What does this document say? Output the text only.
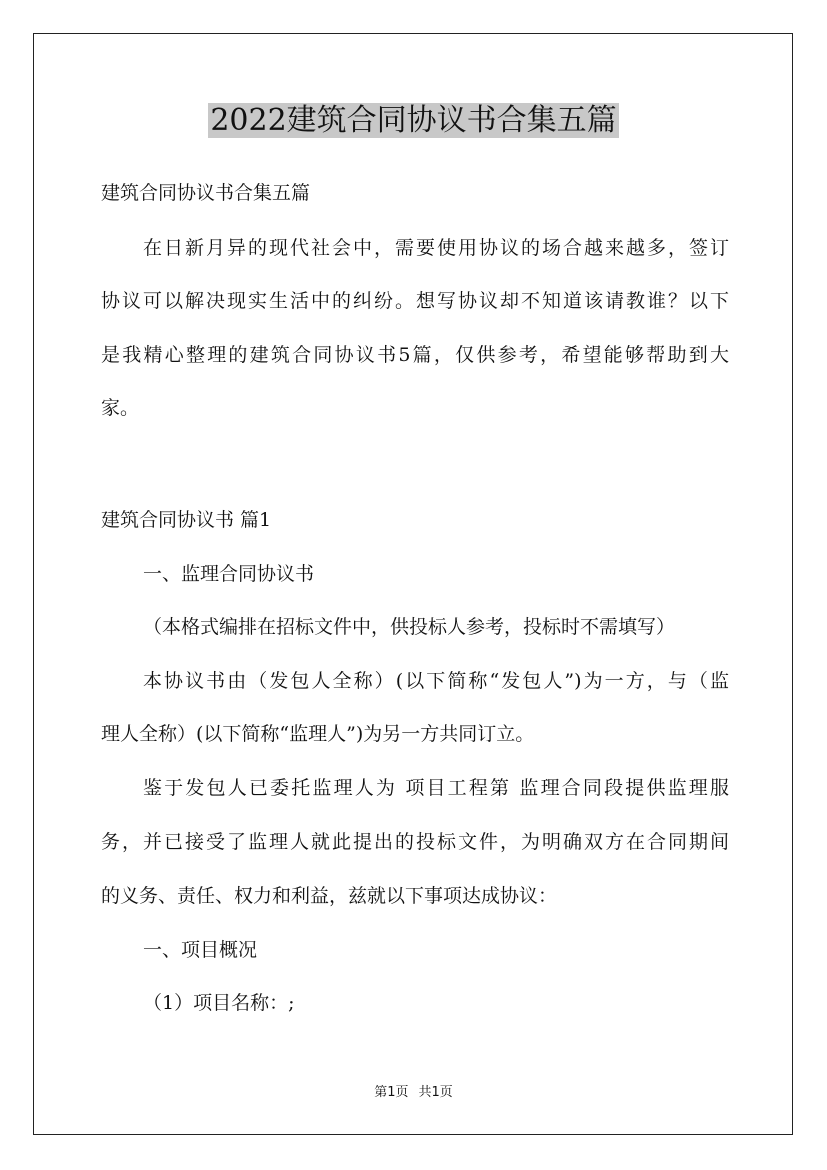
2022建筑合同协议书合集五篇

建筑合同协议书合集五篇

在日新月异的现代社会中，需要使用协议的场合越来越多，签订

协议可以解决现实生活中的纠纷。想写协议却不知道该请教谁？以下

是我精心整理的建筑合同协议书5篇，仅供参考，希望能够帮助到大

家。

建筑合同协议书 篇1

一、监理合同协议书

（本格式编排在招标文件中，供投标人参考，投标时不需填写）

本协议书由（发包人全称）(以下简称“发包人”)为一方，与（监

理人全称）(以下简称“监理人”)为另一方共同订立。

鉴于发包人已委托监理人为 项目工程第 监理合同段提供监理服

务，并已接受了监理人就此提出的投标文件，为明确双方在合同期间

的义务、责任、权力和利益，兹就以下事项达成协议：

一、项目概况

（1）项目名称：;

第1页 共1页
